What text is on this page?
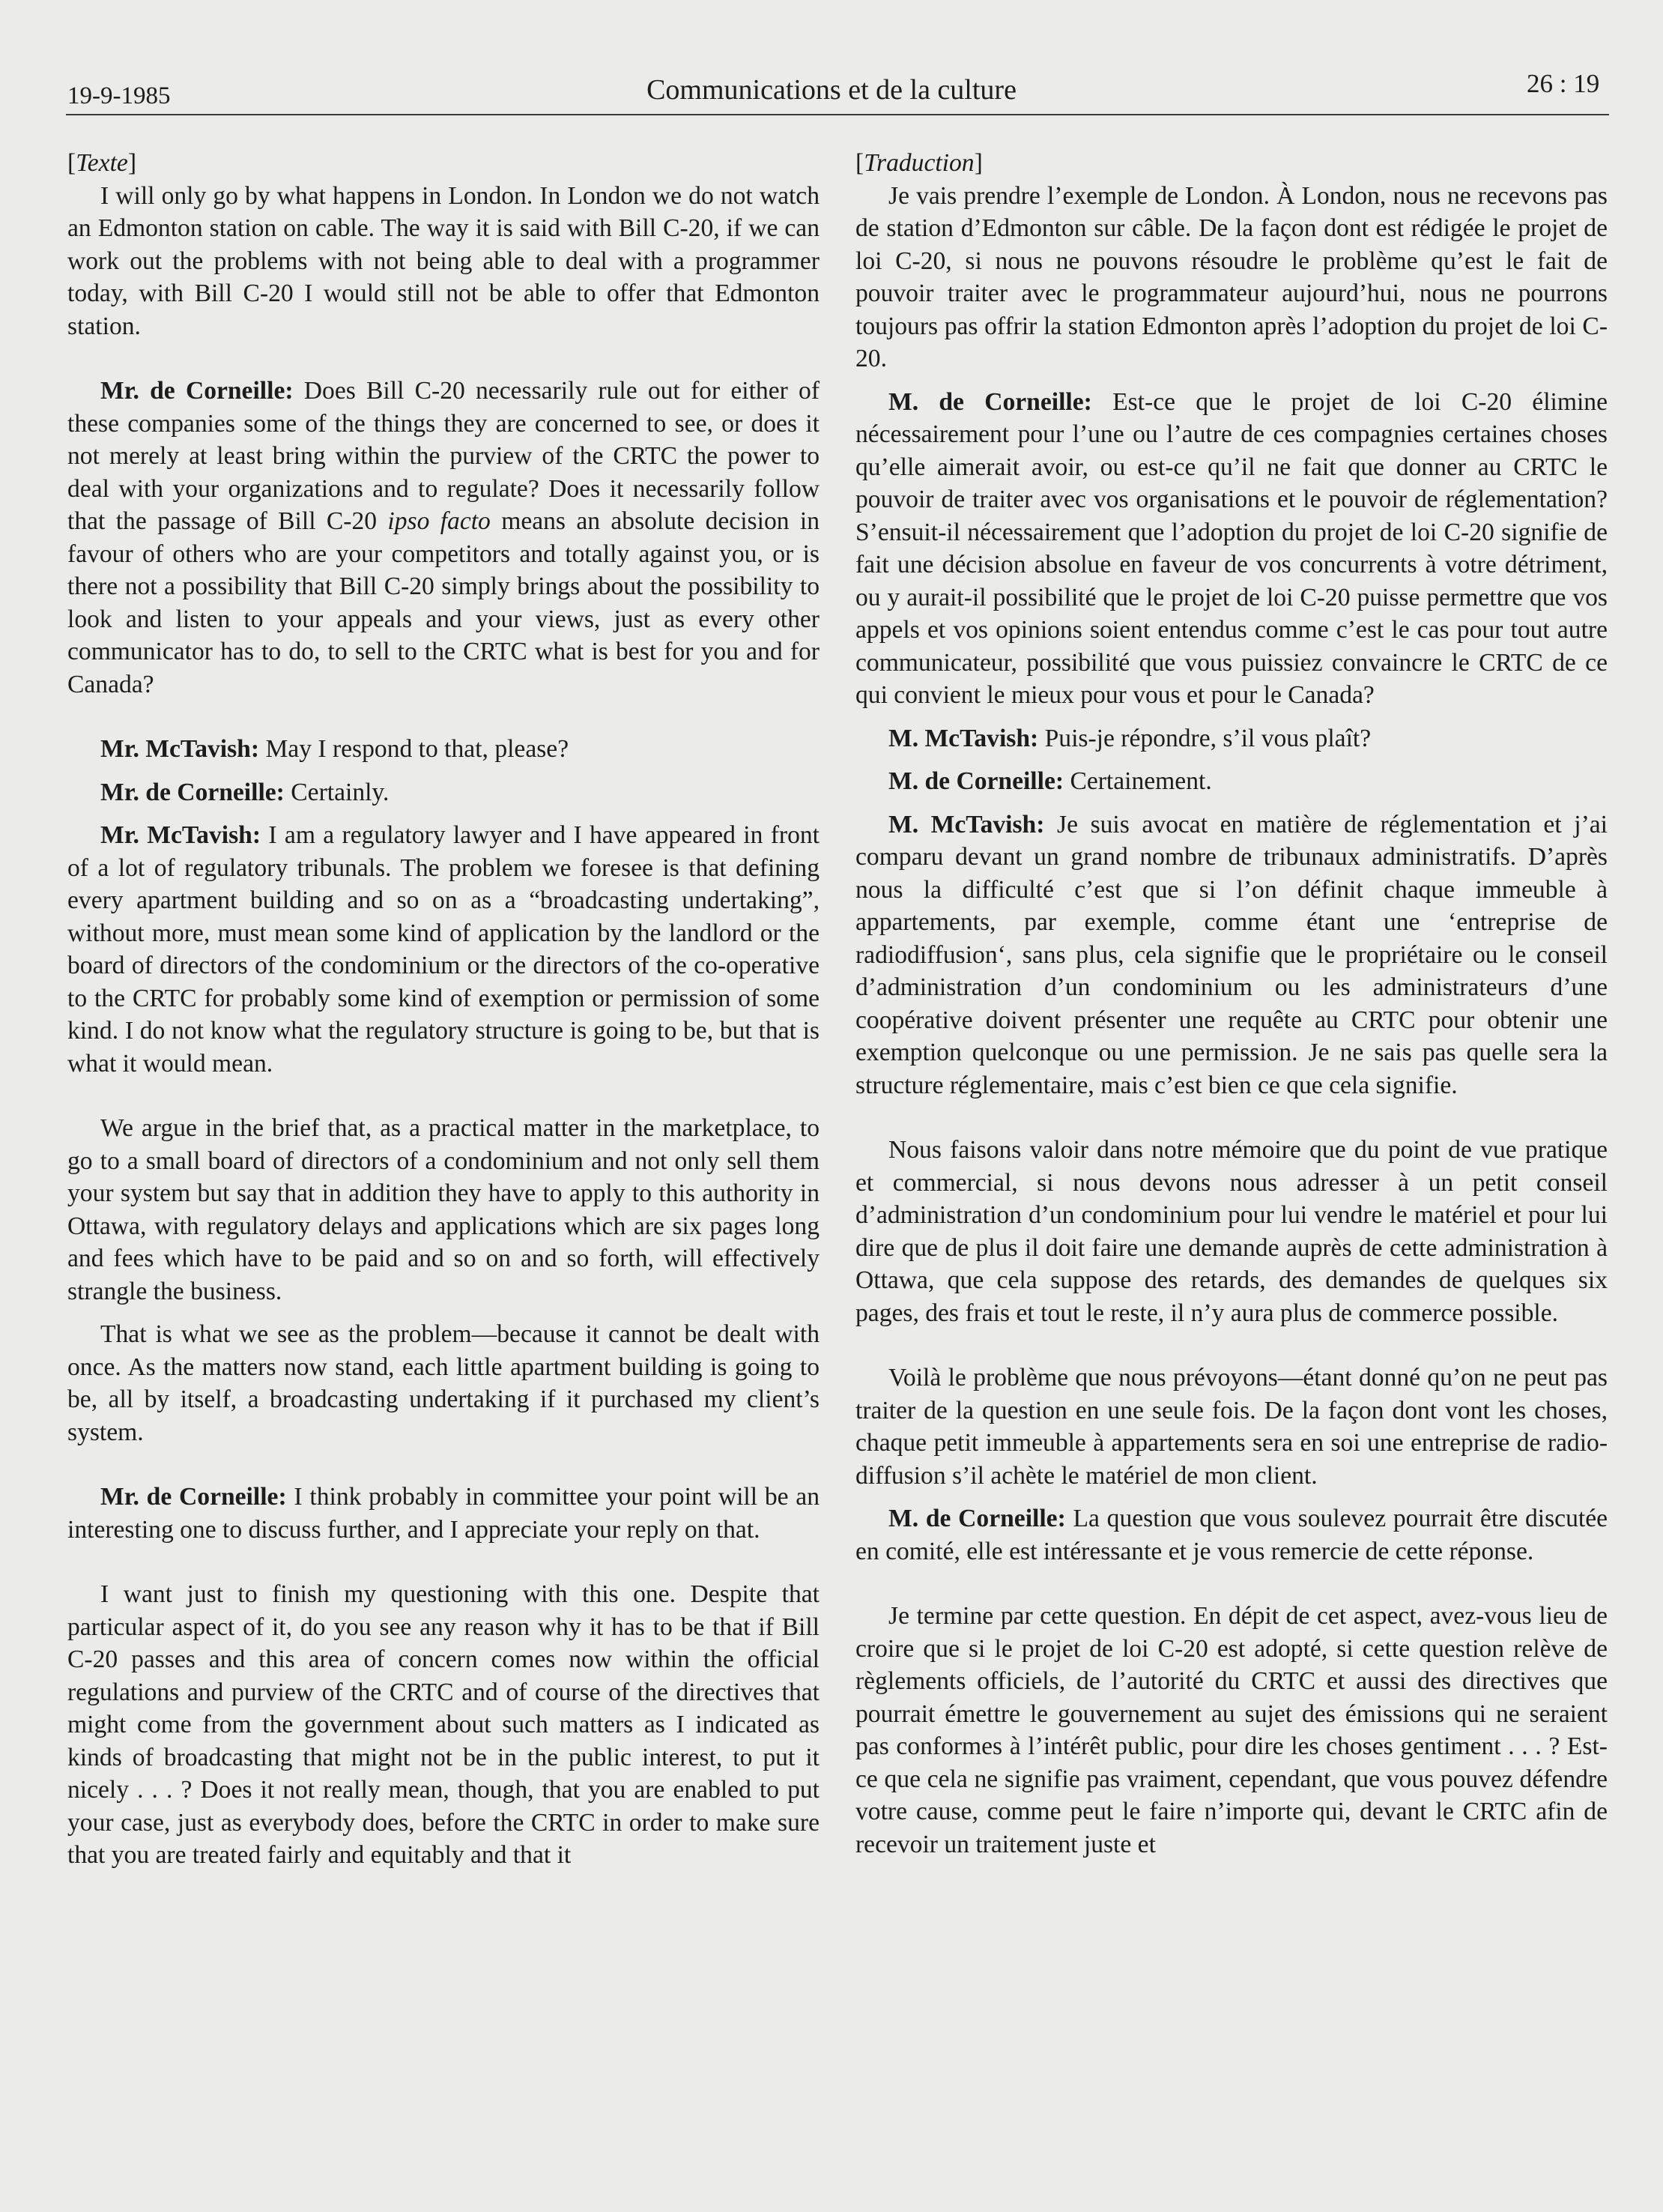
19-9-1985	Communications et de la culture	26 : 19
[Texte]

I will only go by what happens in London. In London we do not watch an Edmonton station on cable. The way it is said with Bill C-20, if we can work out the problems with not being able to deal with a programmer today, with Bill C-20 I would still not be able to offer that Edmonton station.

Mr. de Corneille: Does Bill C-20 necessarily rule out for either of these companies some of the things they are concerned to see, or does it not merely at least bring within the purview of the CRTC the power to deal with your organizations and to regulate? Does it necessarily follow that the passage of Bill C-20 ipso facto means an absolute decision in favour of others who are your competitors and totally against you, or is there not a possibility that Bill C-20 simply brings about the possibility to look and listen to your appeals and your views, just as every other communicator has to do, to sell to the CRTC what is best for you and for Canada?

Mr. McTavish: May I respond to that, please?

Mr. de Corneille: Certainly.

Mr. McTavish: I am a regulatory lawyer and I have appeared in front of a lot of regulatory tribunals. The problem we foresee is that defining every apartment building and so on as a “broadcasting undertaking”, without more, must mean some kind of application by the landlord or the board of directors of the condominium or the directors of the co-operative to the CRTC for probably some kind of exemption or permission of some kind. I do not know what the regulatory structure is going to be, but that is what it would mean.

We argue in the brief that, as a practical matter in the marketplace, to go to a small board of directors of a condominium and not only sell them your system but say that in addition they have to apply to this authority in Ottawa, with regulatory delays and applications which are six pages long and fees which have to be paid and so on and so forth, will effectively strangle the business.

That is what we see as the problem—because it cannot be dealt with once. As the matters now stand, each little apartment building is going to be, all by itself, a broadcasting undertaking if it purchased my client’s system.

Mr. de Corneille: I think probably in committee your point will be an interesting one to discuss further, and I appreciate your reply on that.

I want just to finish my questioning with this one. Despite that particular aspect of it, do you see any reason why it has to be that if Bill C-20 passes and this area of concern comes now within the official regulations and purview of the CRTC and of course of the directives that might come from the government about such matters as I indicated as kinds of broadcasting that might not be in the public interest, to put it nicely . . . ? Does it not really mean, though, that you are enabled to put your case, just as everybody does, before the CRTC in order to make sure that you are treated fairly and equitably and that it

[Traduction]

Je vais prendre l’exemple de London. À London, nous ne recevons pas de station d’Edmonton sur câble. De la façon dont est rédigée le projet de loi C-20, si nous ne pouvons résoudre le problème qu’est le fait de pouvoir traiter avec le programmateur aujourd’hui, nous ne pourrons toujours pas offrir la station Edmonton après l’adoption du projet de loi C-20.

M. de Corneille: Est-ce que le projet de loi C-20 élimine nécessairement pour l’une ou l’autre de ces compagnies certaines choses qu’elle aimerait avoir, ou est-ce qu’il ne fait que donner au CRTC le pouvoir de traiter avec vos organisations et le pouvoir de réglementation? S’ensuit-il nécessairement que l’adoption du projet de loi C-20 signifie de fait une décision absolue en faveur de vos concurrents à votre détriment, ou y aurait-il possibilité que le projet de loi C-20 puisse permettre que vos appels et vos opinions soient entendus comme c’est le cas pour tout autre communicateur, possibilité que vous puissiez convaincre le CRTC de ce qui convient le mieux pour vous et pour le Canada?

M. McTavish: Puis-je répondre, s’il vous plaît?

M. de Corneille: Certainement.

M. McTavish: Je suis avocat en matière de réglementation et j’ai comparu devant un grand nombre de tribunaux administratifs. D’après nous la difficulté c’est que si l’on définit chaque immeuble à appartements, par exemple, comme étant une ‘entreprise de radiodiffusion‘, sans plus, cela signifie que le propriétaire ou le conseil d’administration d’un condominium ou les administrateurs d’une coopérative doivent présenter une requête au CRTC pour obtenir une exemption quelconque ou une permission. Je ne sais pas quelle sera la structure réglementaire, mais c’est bien ce que cela signifie.

Nous faisons valoir dans notre mémoire que du point de vue pratique et commercial, si nous devons nous adresser à un petit conseil d’administration d’un condominium pour lui vendre le matériel et pour lui dire que de plus il doit faire une demande auprès de cette administration à Ottawa, que cela suppose des retards, des demandes de quelques six pages, des frais et tout le reste, il n’y aura plus de commerce possible.

Voilà le problème que nous prévoyons—étant donné qu’on ne peut pas traiter de la question en une seule fois. De la façon dont vont les choses, chaque petit immeuble à appartements sera en soi une entreprise de radio-diffusion s’il achète le matériel de mon client.

M. de Corneille: La question que vous soulevez pourrait être discutée en comité, elle est intéressante et je vous remercie de cette réponse.

Je termine par cette question. En dépit de cet aspect, avez-vous lieu de croire que si le projet de loi C-20 est adopté, si cette question relève de règlements officiels, de l’autorité du CRTC et aussi des directives que pourrait émettre le gouvernement au sujet des émissions qui ne seraient pas conformes à l’intérêt public, pour dire les choses gentiment . . . ? Est-ce que cela ne signifie pas vraiment, cependant, que vous pouvez défendre votre cause, comme peut le faire n’importe qui, devant le CRTC afin de recevoir un traitement juste et
